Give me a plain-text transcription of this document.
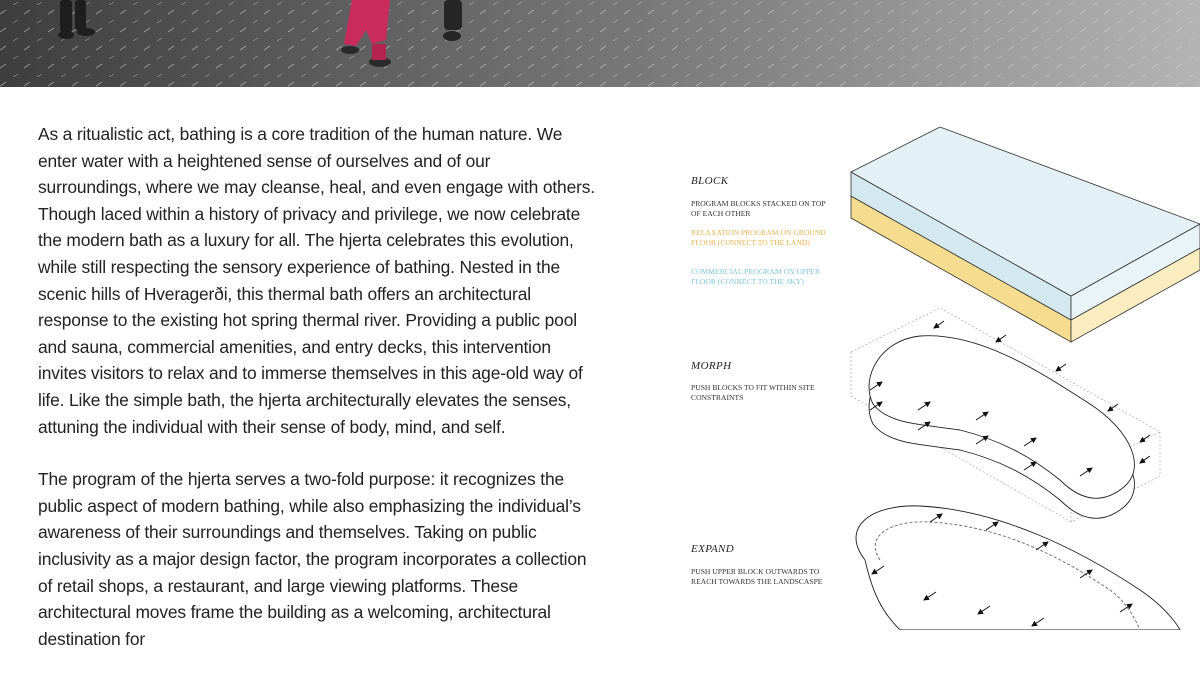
As a ritualistic act, bathing is a core tradition of the human nature. We enter water with a heightened sense of ourselves and of our surroundings, where we may cleanse, heal, and even engage with others. Though laced within a history of privacy and privilege, we now celebrate the modern bath as a luxury for all. The hjerta celebrates this evolution, while still respecting the sensory experience of bathing. Nested in the scenic hills of Hveragerði, this thermal bath offers an architectural response to the existing hot spring thermal river. Providing a public pool and sauna, commercial amenities, and entry decks, this intervention invites visitors to relax and to immerse themselves in this age-old way of life. Like the simple bath, the hjerta architecturally elevates the senses, attuning the individual with their sense of body, mind, and self.

The program of the hjerta serves a two-fold purpose: it recognizes the public aspect of modern bathing, while also emphasizing the individual’s awareness of their surroundings and themselves. Taking on public inclusivity as a major design factor, the program incorporates a collection of retail shops, a restaurant, and large viewing platforms. These architectural moves frame the building as a welcoming, architectural destination for

BLOCK
PROGRAM BLOCKS STACKED ON TOP OF EACH OTHER
RELAXATION PROGRAM ON GROUND FLOOR (CONNECT TO THE LAND)
COMMERCIAL PROGRAM ON UPPER FLOOR (CONNECT TO THE SKY)
MORPH
PUSH BLOCKS TO FIT WITHIN SITE CONSTRAINTS
EXPAND
PUSH UPPER BLOCK OUTWARDS TO REACH TOWARDS THE LANDSCASPE
